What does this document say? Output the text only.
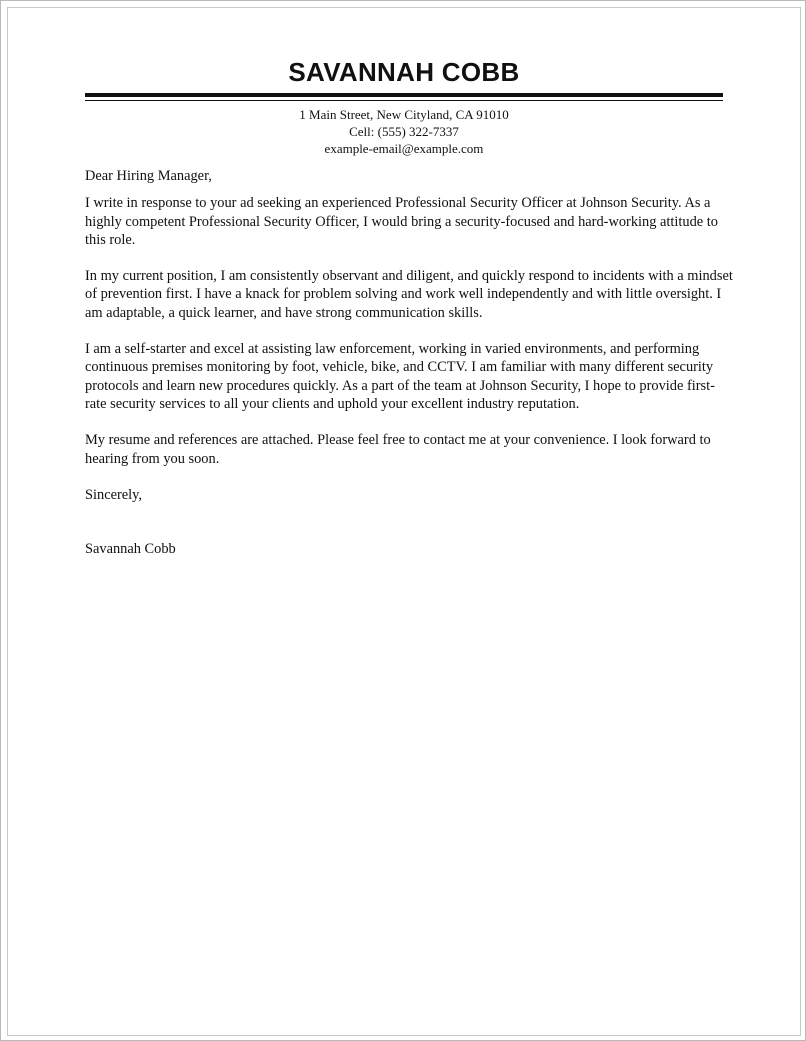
SAVANNAH COBB
1 Main Street, New Cityland, CA 91010
Cell: (555) 322-7337
example-email@example.com

Dear Hiring Manager,

I write in response to your ad seeking an experienced Professional Security Officer at Johnson Security. As a highly competent Professional Security Officer, I would bring a security-focused and hard-working attitude to this role.

In my current position, I am consistently observant and diligent, and quickly respond to incidents with a mindset of prevention first. I have a knack for problem solving and work well independently and with little oversight. I am adaptable, a quick learner, and have strong communication skills.

I am a self-starter and excel at assisting law enforcement, working in varied environments, and performing continuous premises monitoring by foot, vehicle, bike, and CCTV. I am familiar with many different security protocols and learn new procedures quickly. As a part of the team at Johnson Security, I hope to provide first-rate security services to all your clients and uphold your excellent industry reputation.

My resume and references are attached. Please feel free to contact me at your convenience. I look forward to hearing from you soon.

Sincerely,

Savannah Cobb
